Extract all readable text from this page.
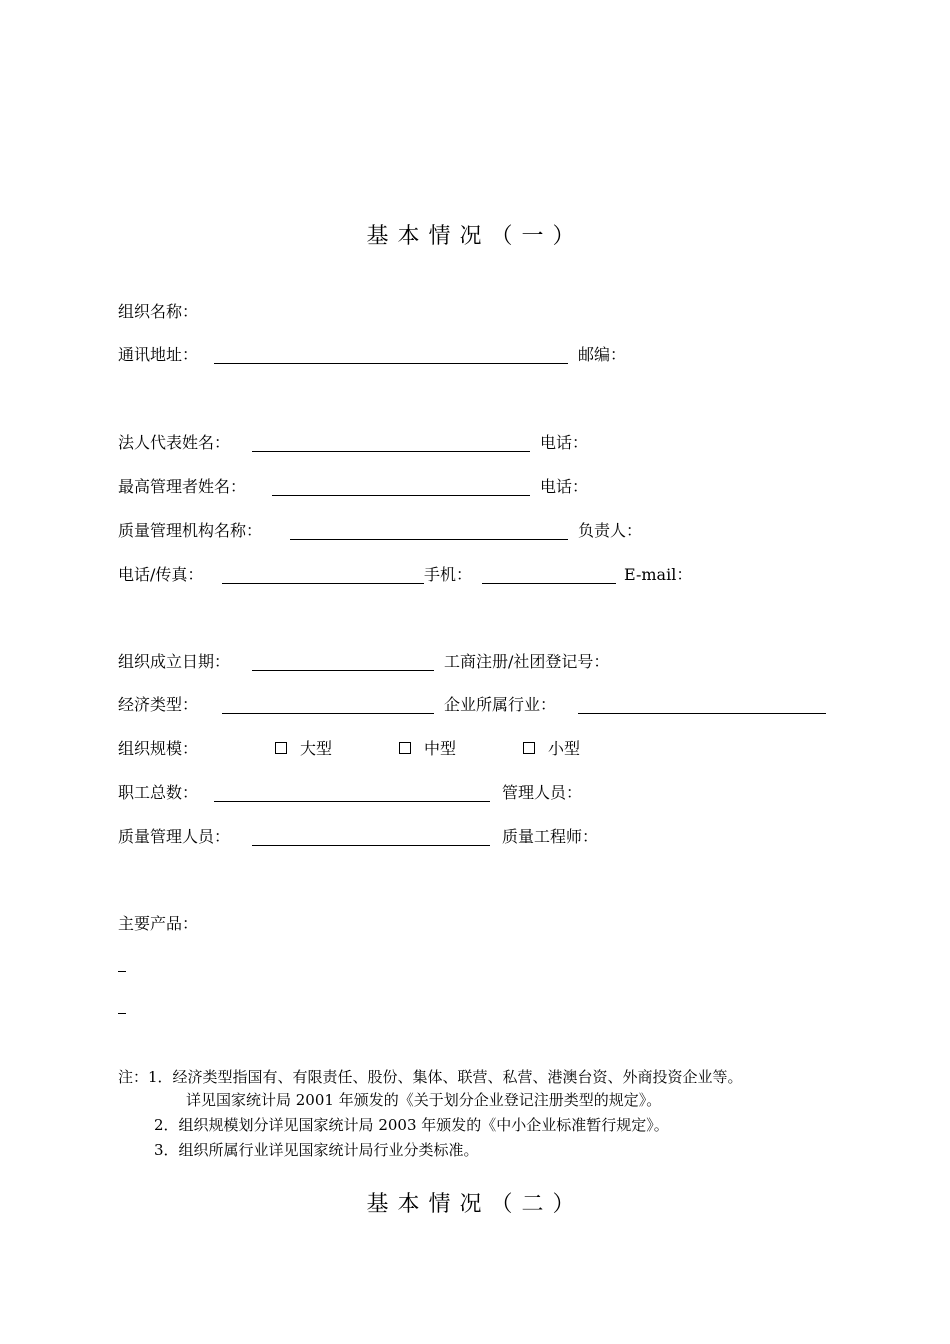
基本情况（一）
组织名称：
通讯地址：	邮编：
法人代表姓名：	电话：
最高管理者姓名：	电话：
质量管理机构名称：	负责人：
电话/传真：	手机：	E-mail：
组织成立日期：	工商注册/社团登记号：
经济类型：	企业所属行业：
组织规模：	大型	中型	小型
职工总数：	管理人员：
质量管理人员：	质量工程师：
主要产品：
注：1．经济类型指国有、有限责任、股份、集体、联营、私营、港澳台资、外商投资企业等。
详见国家统计局 2001 年颁发的《关于划分企业登记注册类型的规定》。
2．组织规模划分详见国家统计局 2003 年颁发的《中小企业标准暂行规定》。
3．组织所属行业详见国家统计局行业分类标准。
基本情况（二）
